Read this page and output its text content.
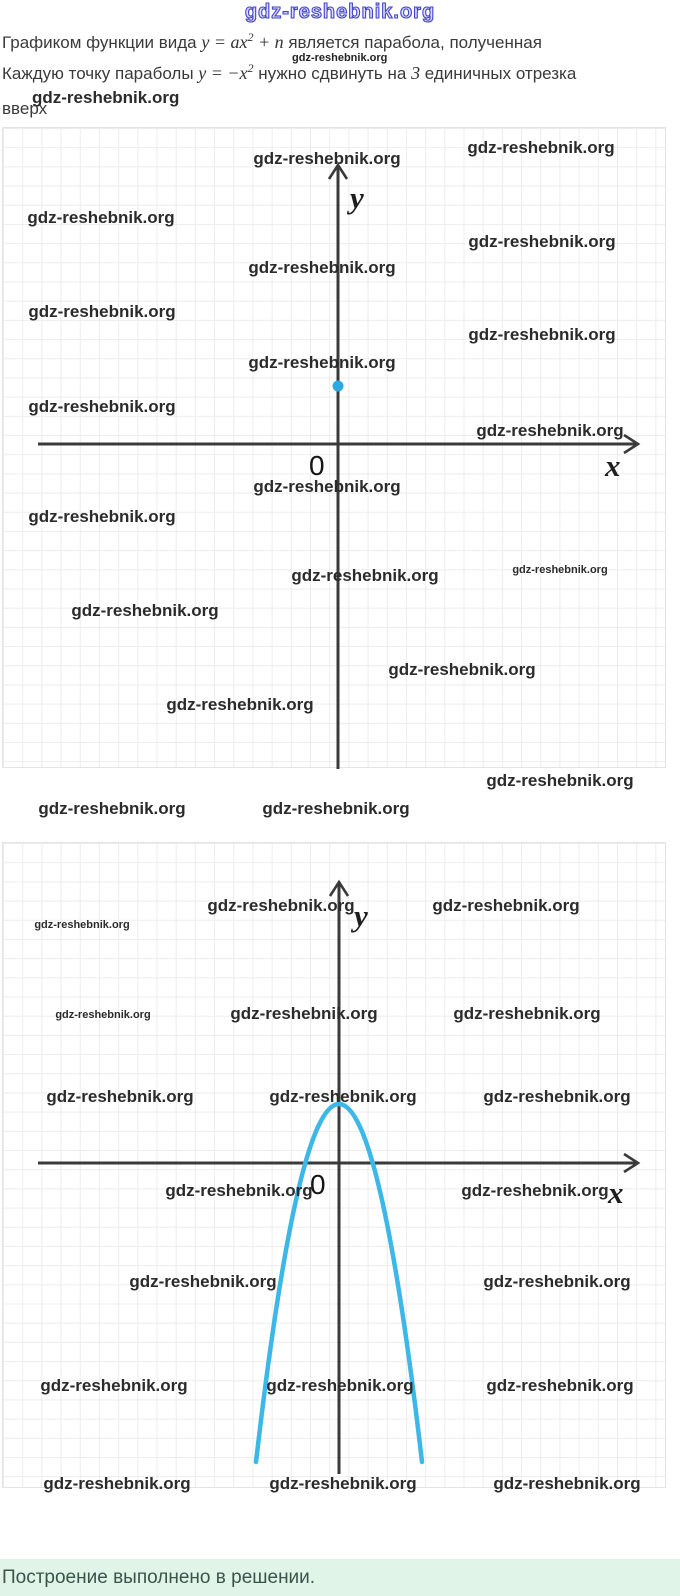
gdz-reshebnik.org
Графиком функции вида $y = ax^2 + n$ является парабола, полученная
gdz-reshebnik.org
Каждую точку параболы $y = -x^2$ нужно сдвинуть на 3 единичных отрезка
gdz-reshebnik.org
вверх
y
x
0
y
x
0
gdz-reshebnik.org
gdz-reshebnik.org
gdz-reshebnik.org
gdz-reshebnik.org
gdz-reshebnik.org
gdz-reshebnik.org
gdz-reshebnik.org
gdz-reshebnik.org
gdz-reshebnik.org
gdz-reshebnik.org
gdz-reshebnik.org
gdz-reshebnik.org
gdz-reshebnik.org	gdz-reshebnik.org
gdz-reshebnik.org
gdz-reshebnik.org
gdz-reshebnik.org
gdz-reshebnik.org
gdz-reshebnik.org	gdz-reshebnik.org
gdz-reshebnik.org	gdz-reshebnik.org
gdz-reshebnik.org
gdz-reshebnik.org	gdz-reshebnik.org	gdz-reshebnik.org
gdz-reshebnik.org	gdz-reshebnik.org	gdz-reshebnik.org
gdz-reshebnik.org	gdz-reshebnik.org
gdz-reshebnik.org	gdz-reshebnik.org
gdz-reshebnik.org	gdz-reshebnik.org	gdz-reshebnik.org
gdz-reshebnik.org	gdz-reshebnik.org	gdz-reshebnik.org
Построение выполнено в решении.
